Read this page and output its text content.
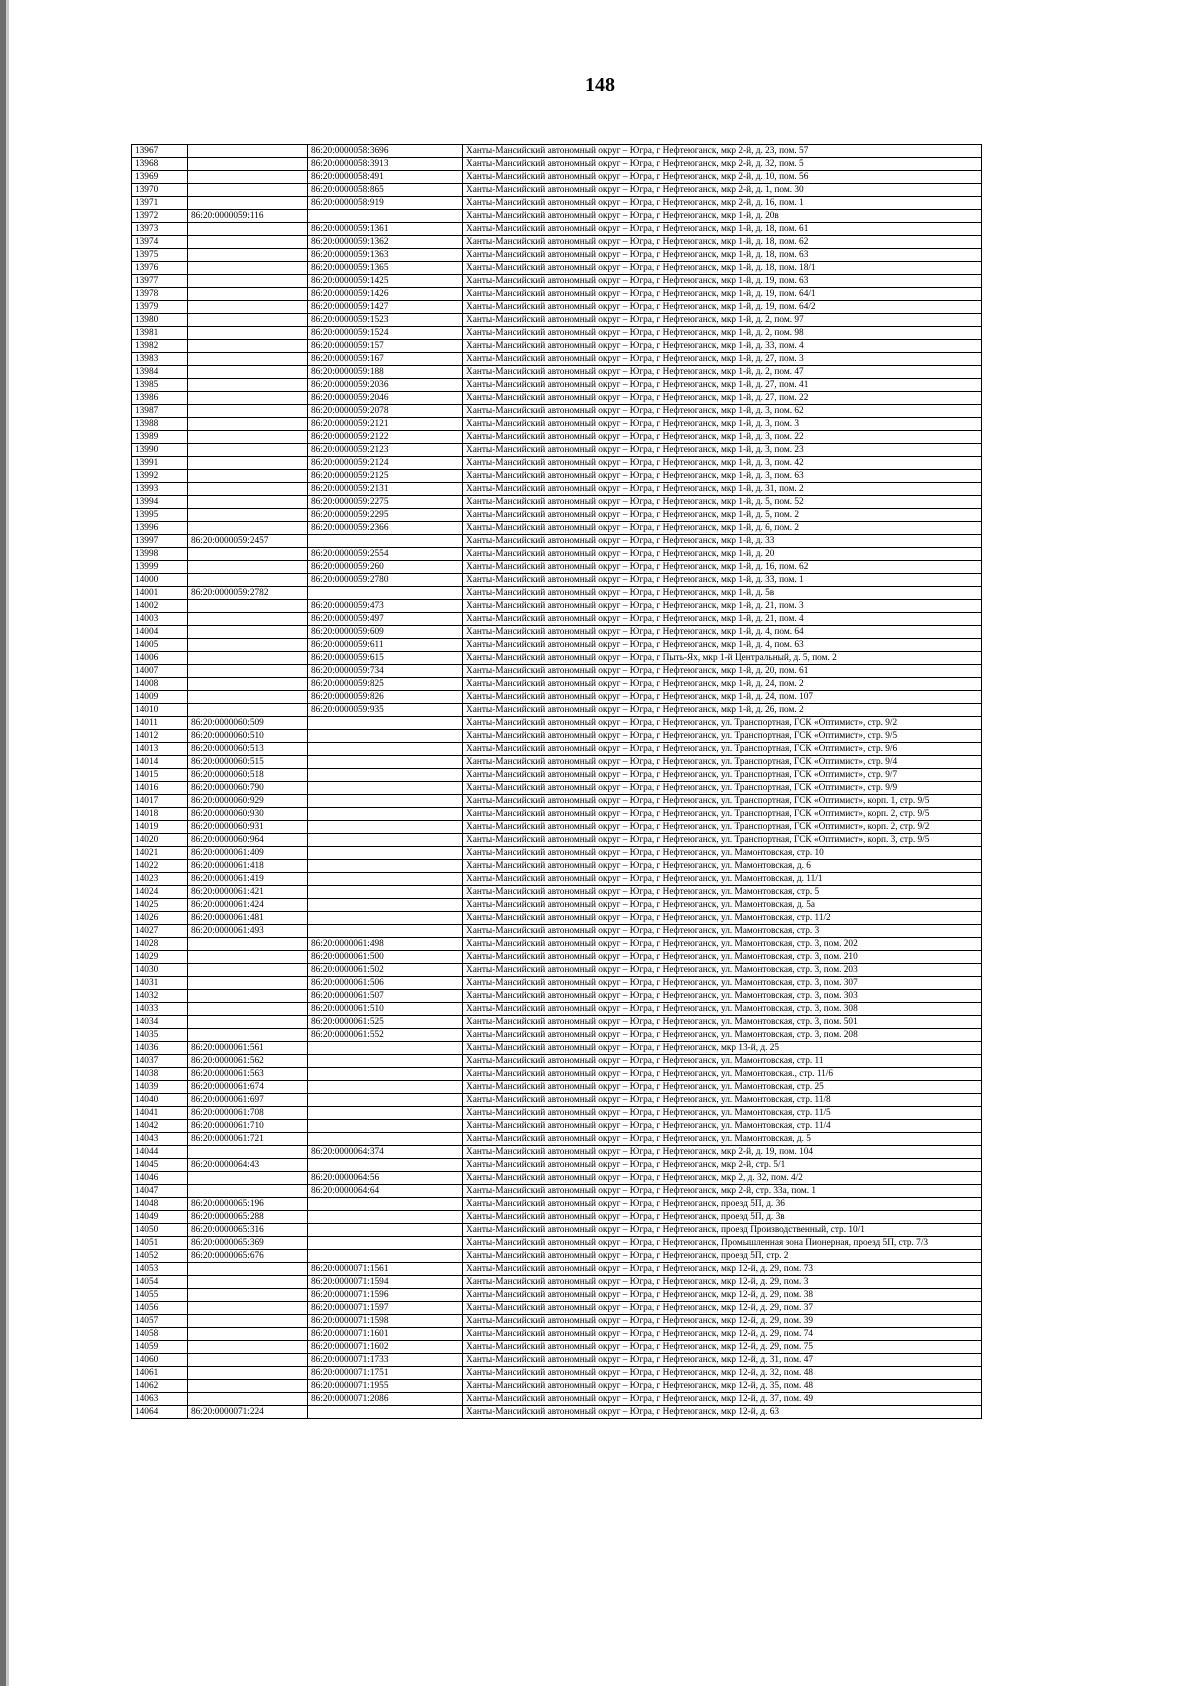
148
13967		86:20:0000058:3696	Ханты-Мансийский автономный округ – Югра, г Нефтеюганск, мкр 2-й, д. 23, пом. 57
13968		86:20:0000058:3913	Ханты-Мансийский автономный округ – Югра, г Нефтеюганск, мкр 2-й, д. 32, пом. 5
13969		86:20:0000058:491	Ханты-Мансийский автономный округ – Югра, г Нефтеюганск, мкр 2-й, д. 10, пом. 56
13970		86:20:0000058:865	Ханты-Мансийский автономный округ – Югра, г Нефтеюганск, мкр 2-й, д. 1, пом. 30
13971		86:20:0000058:919	Ханты-Мансийский автономный округ – Югра, г Нефтеюганск, мкр 2-й, д. 16, пом. 1
13972	86:20:0000059:116		Ханты-Мансийский автономный округ – Югра, г Нефтеюганск, мкр 1-й, д. 20в
13973		86:20:0000059:1361	Ханты-Мансийский автономный округ – Югра, г Нефтеюганск, мкр 1-й, д. 18, пом. 61
13974		86:20:0000059:1362	Ханты-Мансийский автономный округ – Югра, г Нефтеюганск, мкр 1-й, д. 18, пом. 62
13975		86:20:0000059:1363	Ханты-Мансийский автономный округ – Югра, г Нефтеюганск, мкр 1-й, д. 18, пом. 63
13976		86:20:0000059:1365	Ханты-Мансийский автономный округ – Югра, г Нефтеюганск, мкр 1-й, д. 18, пом. 18/1
13977		86:20:0000059:1425	Ханты-Мансийский автономный округ – Югра, г Нефтеюганск, мкр 1-й, д. 19, пом. 63
13978		86:20:0000059:1426	Ханты-Мансийский автономный округ – Югра, г Нефтеюганск, мкр 1-й, д. 19, пом. 64/1
13979		86:20:0000059:1427	Ханты-Мансийский автономный округ – Югра, г Нефтеюганск, мкр 1-й, д. 19, пом. 64/2
13980		86:20:0000059:1523	Ханты-Мансийский автономный округ – Югра, г Нефтеюганск, мкр 1-й, д. 2, пом. 97
13981		86:20:0000059:1524	Ханты-Мансийский автономный округ – Югра, г Нефтеюганск, мкр 1-й, д. 2, пом. 98
13982		86:20:0000059:157	Ханты-Мансийский автономный округ – Югра, г Нефтеюганск, мкр 1-й, д. 33, пом. 4
13983		86:20:0000059:167	Ханты-Мансийский автономный округ – Югра, г Нефтеюганск, мкр 1-й, д. 27, пом. 3
13984		86:20:0000059:188	Ханты-Мансийский автономный округ – Югра, г Нефтеюганск, мкр 1-й, д. 2, пом. 47
13985		86:20:0000059:2036	Ханты-Мансийский автономный округ – Югра, г Нефтеюганск, мкр 1-й, д. 27, пом. 41
13986		86:20:0000059:2046	Ханты-Мансийский автономный округ – Югра, г Нефтеюганск, мкр 1-й, д. 27, пом. 22
13987		86:20:0000059:2078	Ханты-Мансийский автономный округ – Югра, г Нефтеюганск, мкр 1-й, д. 3, пом. 62
13988		86:20:0000059:2121	Ханты-Мансийский автономный округ – Югра, г Нефтеюганск, мкр 1-й, д. 3, пом. 3
13989		86:20:0000059:2122	Ханты-Мансийский автономный округ – Югра, г Нефтеюганск, мкр 1-й, д. 3, пом. 22
13990		86:20:0000059:2123	Ханты-Мансийский автономный округ – Югра, г Нефтеюганск, мкр 1-й, д. 3, пом. 23
13991		86:20:0000059:2124	Ханты-Мансийский автономный округ – Югра, г Нефтеюганск, мкр 1-й, д. 3, пом. 42
13992		86:20:0000059:2125	Ханты-Мансийский автономный округ – Югра, г Нефтеюганск, мкр 1-й, д. 3, пом. 63
13993		86:20:0000059:2131	Ханты-Мансийский автономный округ – Югра, г Нефтеюганск, мкр 1-й, д. 31, пом. 2
13994		86:20:0000059:2275	Ханты-Мансийский автономный округ – Югра, г Нефтеюганск, мкр 1-й, д. 5, пом. 52
13995		86:20:0000059:2295	Ханты-Мансийский автономный округ – Югра, г Нефтеюганск, мкр 1-й, д. 5, пом. 2
13996		86:20:0000059:2366	Ханты-Мансийский автономный округ – Югра, г Нефтеюганск, мкр 1-й, д. 6, пом. 2
13997	86:20:0000059:2457		Ханты-Мансийский автономный округ – Югра, г Нефтеюганск, мкр 1-й, д. 33
13998		86:20:0000059:2554	Ханты-Мансийский автономный округ – Югра, г Нефтеюганск, мкр 1-й, д. 20
13999		86:20:0000059:260	Ханты-Мансийский автономный округ – Югра, г Нефтеюганск, мкр 1-й, д. 16, пом. 62
14000		86:20:0000059:2780	Ханты-Мансийский автономный округ – Югра, г Нефтеюганск, мкр 1-й, д. 33, пом. 1
14001	86:20:0000059:2782		Ханты-Мансийский автономный округ – Югра, г Нефтеюганск, мкр 1-й, д. 5в
14002		86:20:0000059:473	Ханты-Мансийский автономный округ – Югра, г Нефтеюганск, мкр 1-й, д. 21, пом. 3
14003		86:20:0000059:497	Ханты-Мансийский автономный округ – Югра, г Нефтеюганск, мкр 1-й, д. 21, пом. 4
14004		86:20:0000059:609	Ханты-Мансийский автономный округ – Югра, г Нефтеюганск, мкр 1-й, д. 4, пом. 64
14005		86:20:0000059:611	Ханты-Мансийский автономный округ – Югра, г Нефтеюганск, мкр 1-й, д. 4, пом. 63
14006		86:20:0000059:615	Ханты-Мансийский автономный округ – Югра, г Пыть-Ях, мкр 1-й Центральный, д. 5, пом. 2
14007		86:20:0000059:734	Ханты-Мансийский автономный округ – Югра, г Нефтеюганск, мкр 1-й, д. 20, пом. 61
14008		86:20:0000059:825	Ханты-Мансийский автономный округ – Югра, г Нефтеюганск, мкр 1-й, д. 24, пом. 2
14009		86:20:0000059:826	Ханты-Мансийский автономный округ – Югра, г Нефтеюганск, мкр 1-й, д. 24, пом. 107
14010		86:20:0000059:935	Ханты-Мансийский автономный округ – Югра, г Нефтеюганск, мкр 1-й, д. 26, пом. 2
14011	86:20:0000060:509		Ханты-Мансийский автономный округ – Югра, г Нефтеюганск, ул. Транспортная, ГСК «Оптимист», стр. 9/2
14012	86:20:0000060:510		Ханты-Мансийский автономный округ – Югра, г Нефтеюганск, ул. Транспортная, ГСК «Оптимист», стр. 9/5
14013	86:20:0000060:513		Ханты-Мансийский автономный округ – Югра, г Нефтеюганск, ул. Транспортная, ГСК «Оптимист», стр. 9/6
14014	86:20:0000060:515		Ханты-Мансийский автономный округ – Югра, г Нефтеюганск, ул. Транспортная, ГСК «Оптимист», стр. 9/4
14015	86:20:0000060:518		Ханты-Мансийский автономный округ – Югра, г Нефтеюганск, ул. Транспортная, ГСК «Оптимист», стр. 9/7
14016	86:20:0000060:790		Ханты-Мансийский автономный округ – Югра, г Нефтеюганск, ул. Транспортная, ГСК «Оптимист», стр. 9/9
14017	86:20:0000060:929		Ханты-Мансийский автономный округ – Югра, г Нефтеюганск, ул. Транспортная, ГСК «Оптимист», корп. 1, стр. 9/5
14018	86:20:0000060:930		Ханты-Мансийский автономный округ – Югра, г Нефтеюганск, ул. Транспортная, ГСК «Оптимист», корп. 2, стр. 9/5
14019	86:20:0000060:931		Ханты-Мансийский автономный округ – Югра, г Нефтеюганск, ул. Транспортная, ГСК «Оптимист», корп. 2, стр. 9/2
14020	86:20:0000060:964		Ханты-Мансийский автономный округ – Югра, г Нефтеюганск, ул. Транспортная, ГСК «Оптимист», корп. 3, стр. 9/5
14021	86:20:0000061:409		Ханты-Мансийский автономный округ – Югра, г Нефтеюганск, ул. Мамонтовская, стр. 10
14022	86:20:0000061:418		Ханты-Мансийский автономный округ – Югра, г Нефтеюганск, ул. Мамонтовская, д. 6
14023	86:20:0000061:419		Ханты-Мансийский автономный округ – Югра, г Нефтеюганск, ул. Мамонтовская, д. 11/1
14024	86:20:0000061:421		Ханты-Мансийский автономный округ – Югра, г Нефтеюганск, ул. Мамонтовская, стр. 5
14025	86:20:0000061:424		Ханты-Мансийский автономный округ – Югра, г Нефтеюганск, ул. Мамонтовская, д. 5а
14026	86:20:0000061:481		Ханты-Мансийский автономный округ – Югра, г Нефтеюганск, ул. Мамонтовская, стр. 11/2
14027	86:20:0000061:493		Ханты-Мансийский автономный округ – Югра, г Нефтеюганск, ул. Мамонтовская, стр. 3
14028		86:20:0000061:498	Ханты-Мансийский автономный округ – Югра, г Нефтеюганск, ул. Мамонтовская, стр. 3, пом. 202
14029		86:20:0000061:500	Ханты-Мансийский автономный округ – Югра, г Нефтеюганск, ул. Мамонтовская, стр. 3, пом. 210
14030		86:20:0000061:502	Ханты-Мансийский автономный округ – Югра, г Нефтеюганск, ул. Мамонтовская, стр. 3, пом. 203
14031		86:20:0000061:506	Ханты-Мансийский автономный округ – Югра, г Нефтеюганск, ул. Мамонтовская, стр. 3, пом. 307
14032		86:20:0000061:507	Ханты-Мансийский автономный округ – Югра, г Нефтеюганск, ул. Мамонтовская, стр. 3, пом. 303
14033		86:20:0000061:510	Ханты-Мансийский автономный округ – Югра, г Нефтеюганск, ул. Мамонтовская, стр. 3, пом. 308
14034		86:20:0000061:525	Ханты-Мансийский автономный округ – Югра, г Нефтеюганск, ул. Мамонтовская, стр. 3, пом. 501
14035		86:20:0000061:552	Ханты-Мансийский автономный округ – Югра, г Нефтеюганск, ул. Мамонтовская, стр. 3, пом. 208
14036	86:20:0000061:561		Ханты-Мансийский автономный округ – Югра, г Нефтеюганск, мкр 13-й, д. 25
14037	86:20:0000061:562		Ханты-Мансийский автономный округ – Югра, г Нефтеюганск, ул. Мамонтовская, стр. 11
14038	86:20:0000061:563		Ханты-Мансийский автономный округ – Югра, г Нефтеюганск, ул. Мамонтовская., стр. 11/6
14039	86:20:0000061:674		Ханты-Мансийский автономный округ – Югра, г Нефтеюганск, ул. Мамонтовская, стр. 25
14040	86:20:0000061:697		Ханты-Мансийский автономный округ – Югра, г Нефтеюганск, ул. Мамонтовская, стр. 11/8
14041	86:20:0000061:708		Ханты-Мансийский автономный округ – Югра, г Нефтеюганск, ул. Мамонтовская, стр. 11/5
14042	86:20:0000061:710		Ханты-Мансийский автономный округ – Югра, г Нефтеюганск, ул. Мамонтовская, стр. 11/4
14043	86:20:0000061:721		Ханты-Мансийский автономный округ – Югра, г Нефтеюганск, ул. Мамонтовская, д. 5
14044		86:20:0000064:374	Ханты-Мансийский автономный округ – Югра, г Нефтеюганск, мкр 2-й, д. 19, пом. 104
14045	86:20:0000064:43		Ханты-Мансийский автономный округ – Югра, г Нефтеюганск, мкр 2-й, стр. 5/1
14046		86:20:0000064:56	Ханты-Мансийский автономный округ – Югра, г Нефтеюганск, мкр 2, д. 32, пом. 4/2
14047		86:20:0000064:64	Ханты-Мансийский автономный округ – Югра, г Нефтеюганск, мкр 2-й, стр. 33а, пом. 1
14048	86:20:0000065:196		Ханты-Мансийский автономный округ – Югра, г Нефтеюганск, проезд 5П, д. 36
14049	86:20:0000065:288		Ханты-Мансийский автономный округ – Югра, г Нефтеюганск, проезд 5П, д. 3в
14050	86:20:0000065:316		Ханты-Мансийский автономный округ – Югра, г Нефтеюганск, проезд Производственный, стр. 10/1
14051	86:20:0000065:369		Ханты-Мансийский автономный округ – Югра, г Нефтеюганск, Промышленная зона Пионерная, проезд 5П, стр. 7/3
14052	86:20:0000065:676		Ханты-Мансийский автономный округ – Югра, г Нефтеюганск, проезд 5П, стр. 2
14053		86:20:0000071:1561	Ханты-Мансийский автономный округ – Югра, г Нефтеюганск, мкр 12-й, д. 29, пом. 73
14054		86:20:0000071:1594	Ханты-Мансийский автономный округ – Югра, г Нефтеюганск, мкр 12-й, д. 29, пом. 3
14055		86:20:0000071:1596	Ханты-Мансийский автономный округ – Югра, г Нефтеюганск, мкр 12-й, д. 29, пом. 38
14056		86:20:0000071:1597	Ханты-Мансийский автономный округ – Югра, г Нефтеюганск, мкр 12-й, д. 29, пом. 37
14057		86:20:0000071:1598	Ханты-Мансийский автономный округ – Югра, г Нефтеюганск, мкр 12-й, д. 29, пом. 39
14058		86:20:0000071:1601	Ханты-Мансийский автономный округ – Югра, г Нефтеюганск, мкр 12-й, д. 29, пом. 74
14059		86:20:0000071:1602	Ханты-Мансийский автономный округ – Югра, г Нефтеюганск, мкр 12-й, д. 29, пом. 75
14060		86:20:0000071:1733	Ханты-Мансийский автономный округ – Югра, г Нефтеюганск, мкр 12-й, д. 31, пом. 47
14061		86:20:0000071:1751	Ханты-Мансийский автономный округ – Югра, г Нефтеюганск, мкр 12-й, д. 32, пом. 48
14062		86:20:0000071:1955	Ханты-Мансийский автономный округ – Югра, г Нефтеюганск, мкр 12-й, д. 35, пом. 48
14063		86:20:0000071:2086	Ханты-Мансийский автономный округ – Югра, г Нефтеюганск, мкр 12-й, д. 37, пом. 49
14064	86:20:0000071:224		Ханты-Мансийский автономный округ – Югра, г Нефтеюганск, мкр 12-й, д. 63
